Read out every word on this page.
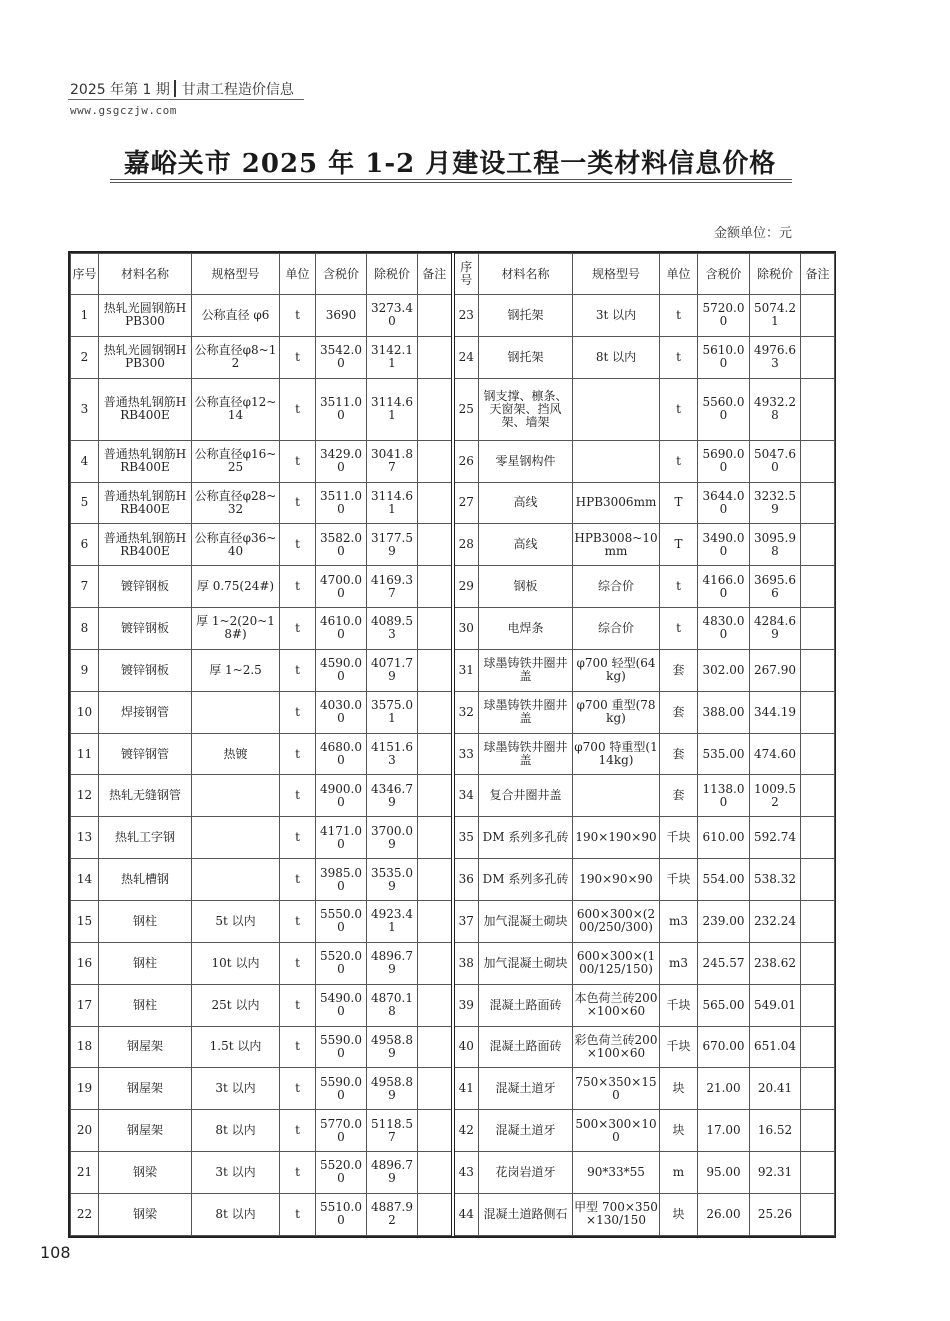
2025 年第 1 期 甘肃工程造价信息
www.gsgczjw.com
嘉峪关市 2025 年 1-2 月建设工程一类材料信息价格
金额单位：元
序号	材料名称	规格型号	单位	含税价	除税价	备注	序号	材料名称	规格型号	单位	含税价	除税价	备注
1	热轧光圆钢筋HPB300	公称直径 φ6	t	3690	3273.40		23	钢托架	3t 以内	t	5720.00	5074.21	
2	热轧光圆钢钢HPB300	公称直径φ8~12	t	3542.00	3142.11		24	钢托架	8t 以内	t	5610.00	4976.63	
3	普通热轧钢筋HRB400E	公称直径φ12~14	t	3511.00	3114.61		25	钢支撑、檩条、天窗架、挡风架、墙架		t	5560.00	4932.28	
4	普通热轧钢筋HRB400E	公称直径φ16~25	t	3429.00	3041.87		26	零星钢构件		t	5690.00	5047.60	
5	普通热轧钢筋HRB400E	公称直径φ28~32	t	3511.00	3114.61		27	高线	HPB3006mm	T	3644.00	3232.59	
6	普通热轧钢筋HRB400E	公称直径φ36~40	t	3582.00	3177.59		28	高线	HPB3008~10mm	T	3490.00	3095.98	
7	镀锌钢板	厚 0.75(24#)	t	4700.00	4169.37		29	钢板	综合价	t	4166.00	3695.66	
8	镀锌钢板	厚 1~2(20~18#)	t	4610.00	4089.53		30	电焊条	综合价	t	4830.00	4284.69	
9	镀锌钢板	厚 1~2.5	t	4590.00	4071.79		31	球墨铸铁井圈井盖	φ700 轻型(64kg)	套	302.00	267.90	
10	焊接钢管		t	4030.00	3575.01		32	球墨铸铁井圈井盖	φ700 重型(78kg)	套	388.00	344.19	
11	镀锌钢管	热镀	t	4680.00	4151.63		33	球墨铸铁井圈井盖	φ700 特重型(114kg)	套	535.00	474.60	
12	热轧无缝钢管		t	4900.00	4346.79		34	复合井圈井盖		套	1138.00	1009.52	
13	热轧工字钢		t	4171.00	3700.09		35	DM 系列多孔砖	190×190×90	千块	610.00	592.74	
14	热轧槽钢		t	3985.00	3535.09		36	DM 系列多孔砖	190×90×90	千块	554.00	538.32	
15	钢柱	5t 以内	t	5550.00	4923.41		37	加气混凝土砌块	600×300×(200/250/300)	m3	239.00	232.24	
16	钢柱	10t 以内	t	5520.00	4896.79		38	加气混凝土砌块	600×300×(100/125/150)	m3	245.57	238.62	
17	钢柱	25t 以内	t	5490.00	4870.18		39	混凝土路面砖	本色荷兰砖200×100×60	千块	565.00	549.01	
18	钢屋架	1.5t 以内	t	5590.00	4958.89		40	混凝土路面砖	彩色荷兰砖200×100×60	千块	670.00	651.04	
19	钢屋架	3t 以内	t	5590.00	4958.89		41	混凝土道牙	750×350×150	块	21.00	20.41	
20	钢屋架	8t 以内	t	5770.00	5118.57		42	混凝土道牙	500×300×100	块	17.00	16.52	
21	钢梁	3t 以内	t	5520.00	4896.79		43	花岗岩道牙	90*33*55	m	95.00	92.31	
22	钢梁	8t 以内	t	5510.00	4887.92		44	混凝土道路侧石	甲型 700×350×130/150	块	26.00	25.26	
108
